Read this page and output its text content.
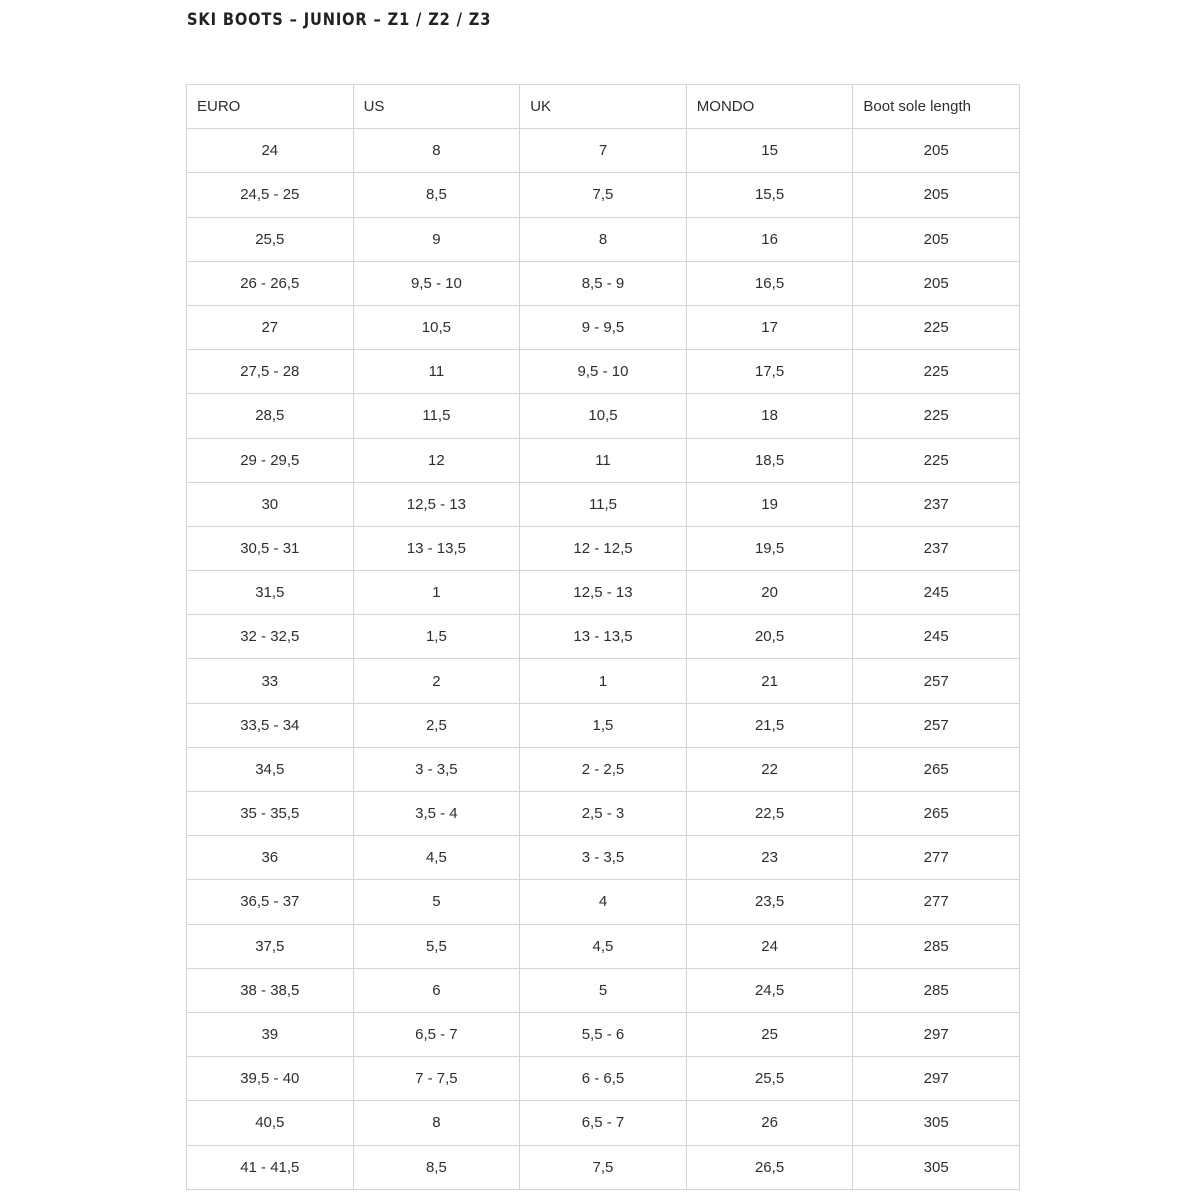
SKI BOOTS – JUNIOR – Z1 / Z2 / Z3
EURO	US	UK	MONDO	Boot sole length
24	8	7	15	205
24,5 - 25	8,5	7,5	15,5	205
25,5	9	8	16	205
26 - 26,5	9,5 - 10	8,5 - 9	16,5	205
27	10,5	9 - 9,5	17	225
27,5 - 28	11	9,5 - 10	17,5	225
28,5	11,5	10,5	18	225
29 - 29,5	12	11	18,5	225
30	12,5 - 13	11,5	19	237
30,5 - 31	13 - 13,5	12 - 12,5	19,5	237
31,5	1	12,5 - 13	20	245
32 - 32,5	1,5	13 - 13,5	20,5	245
33	2	1	21	257
33,5 - 34	2,5	1,5	21,5	257
34,5	3 - 3,5	2 - 2,5	22	265
35 - 35,5	3,5 - 4	2,5 - 3	22,5	265
36	4,5	3 - 3,5	23	277
36,5 - 37	5	4	23,5	277
37,5	5,5	4,5	24	285
38 - 38,5	6	5	24,5	285
39	6,5 - 7	5,5 - 6	25	297
39,5 - 40	7 - 7,5	6 - 6,5	25,5	297
40,5	8	6,5 - 7	26	305
41 - 41,5	8,5	7,5	26,5	305
